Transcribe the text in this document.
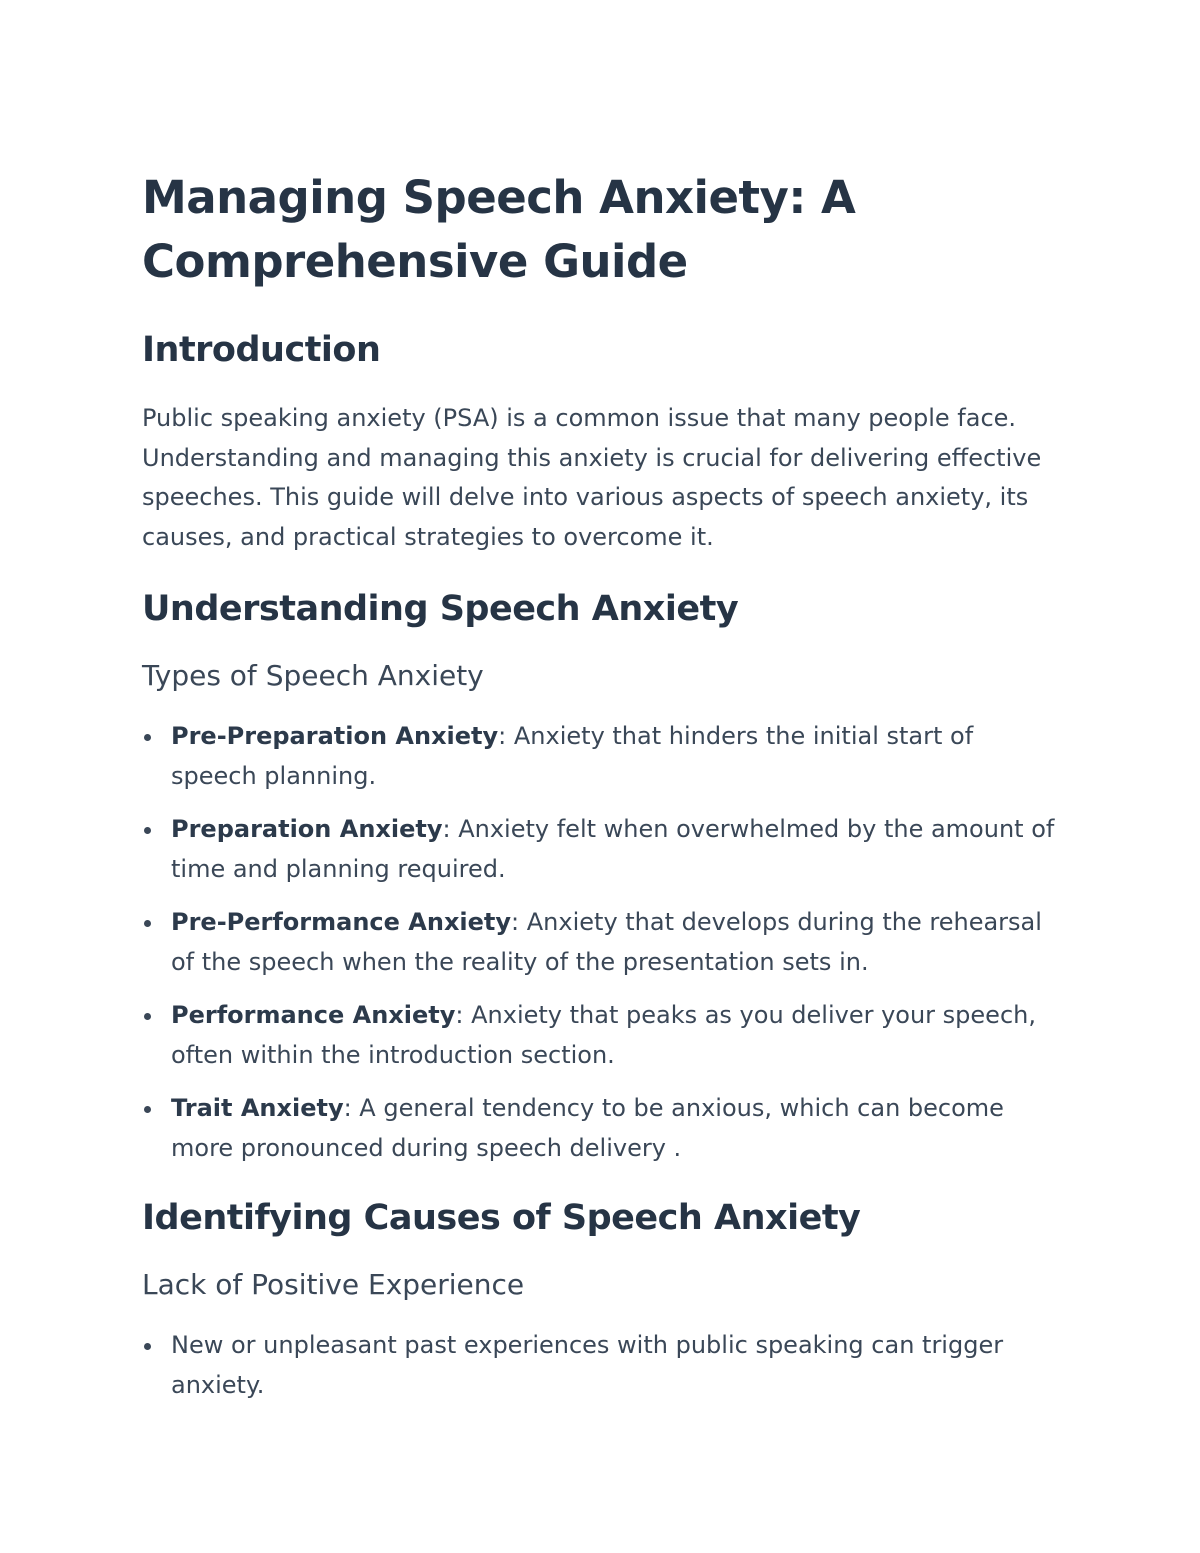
Managing Speech Anxiety: A Comprehensive Guide
Introduction

Public speaking anxiety (PSA) is a common issue that many people face. Understanding and managing this anxiety is crucial for delivering effective speeches. This guide will delve into various aspects of speech anxiety, its causes, and practical strategies to overcome it.

Understanding Speech Anxiety
Types of Speech Anxiety
Pre-Preparation Anxiety: Anxiety that hinders the initial start of speech planning.
Preparation Anxiety: Anxiety felt when overwhelmed by the amount of time and planning required.
Pre-Performance Anxiety: Anxiety that develops during the rehearsal of the speech when the reality of the presentation sets in.
Performance Anxiety: Anxiety that peaks as you deliver your speech, often within the introduction section.
Trait Anxiety: A general tendency to be anxious, which can become more pronounced during speech delivery .
Identifying Causes of Speech Anxiety
Lack of Positive Experience
New or unpleasant past experiences with public speaking can trigger anxiety.
